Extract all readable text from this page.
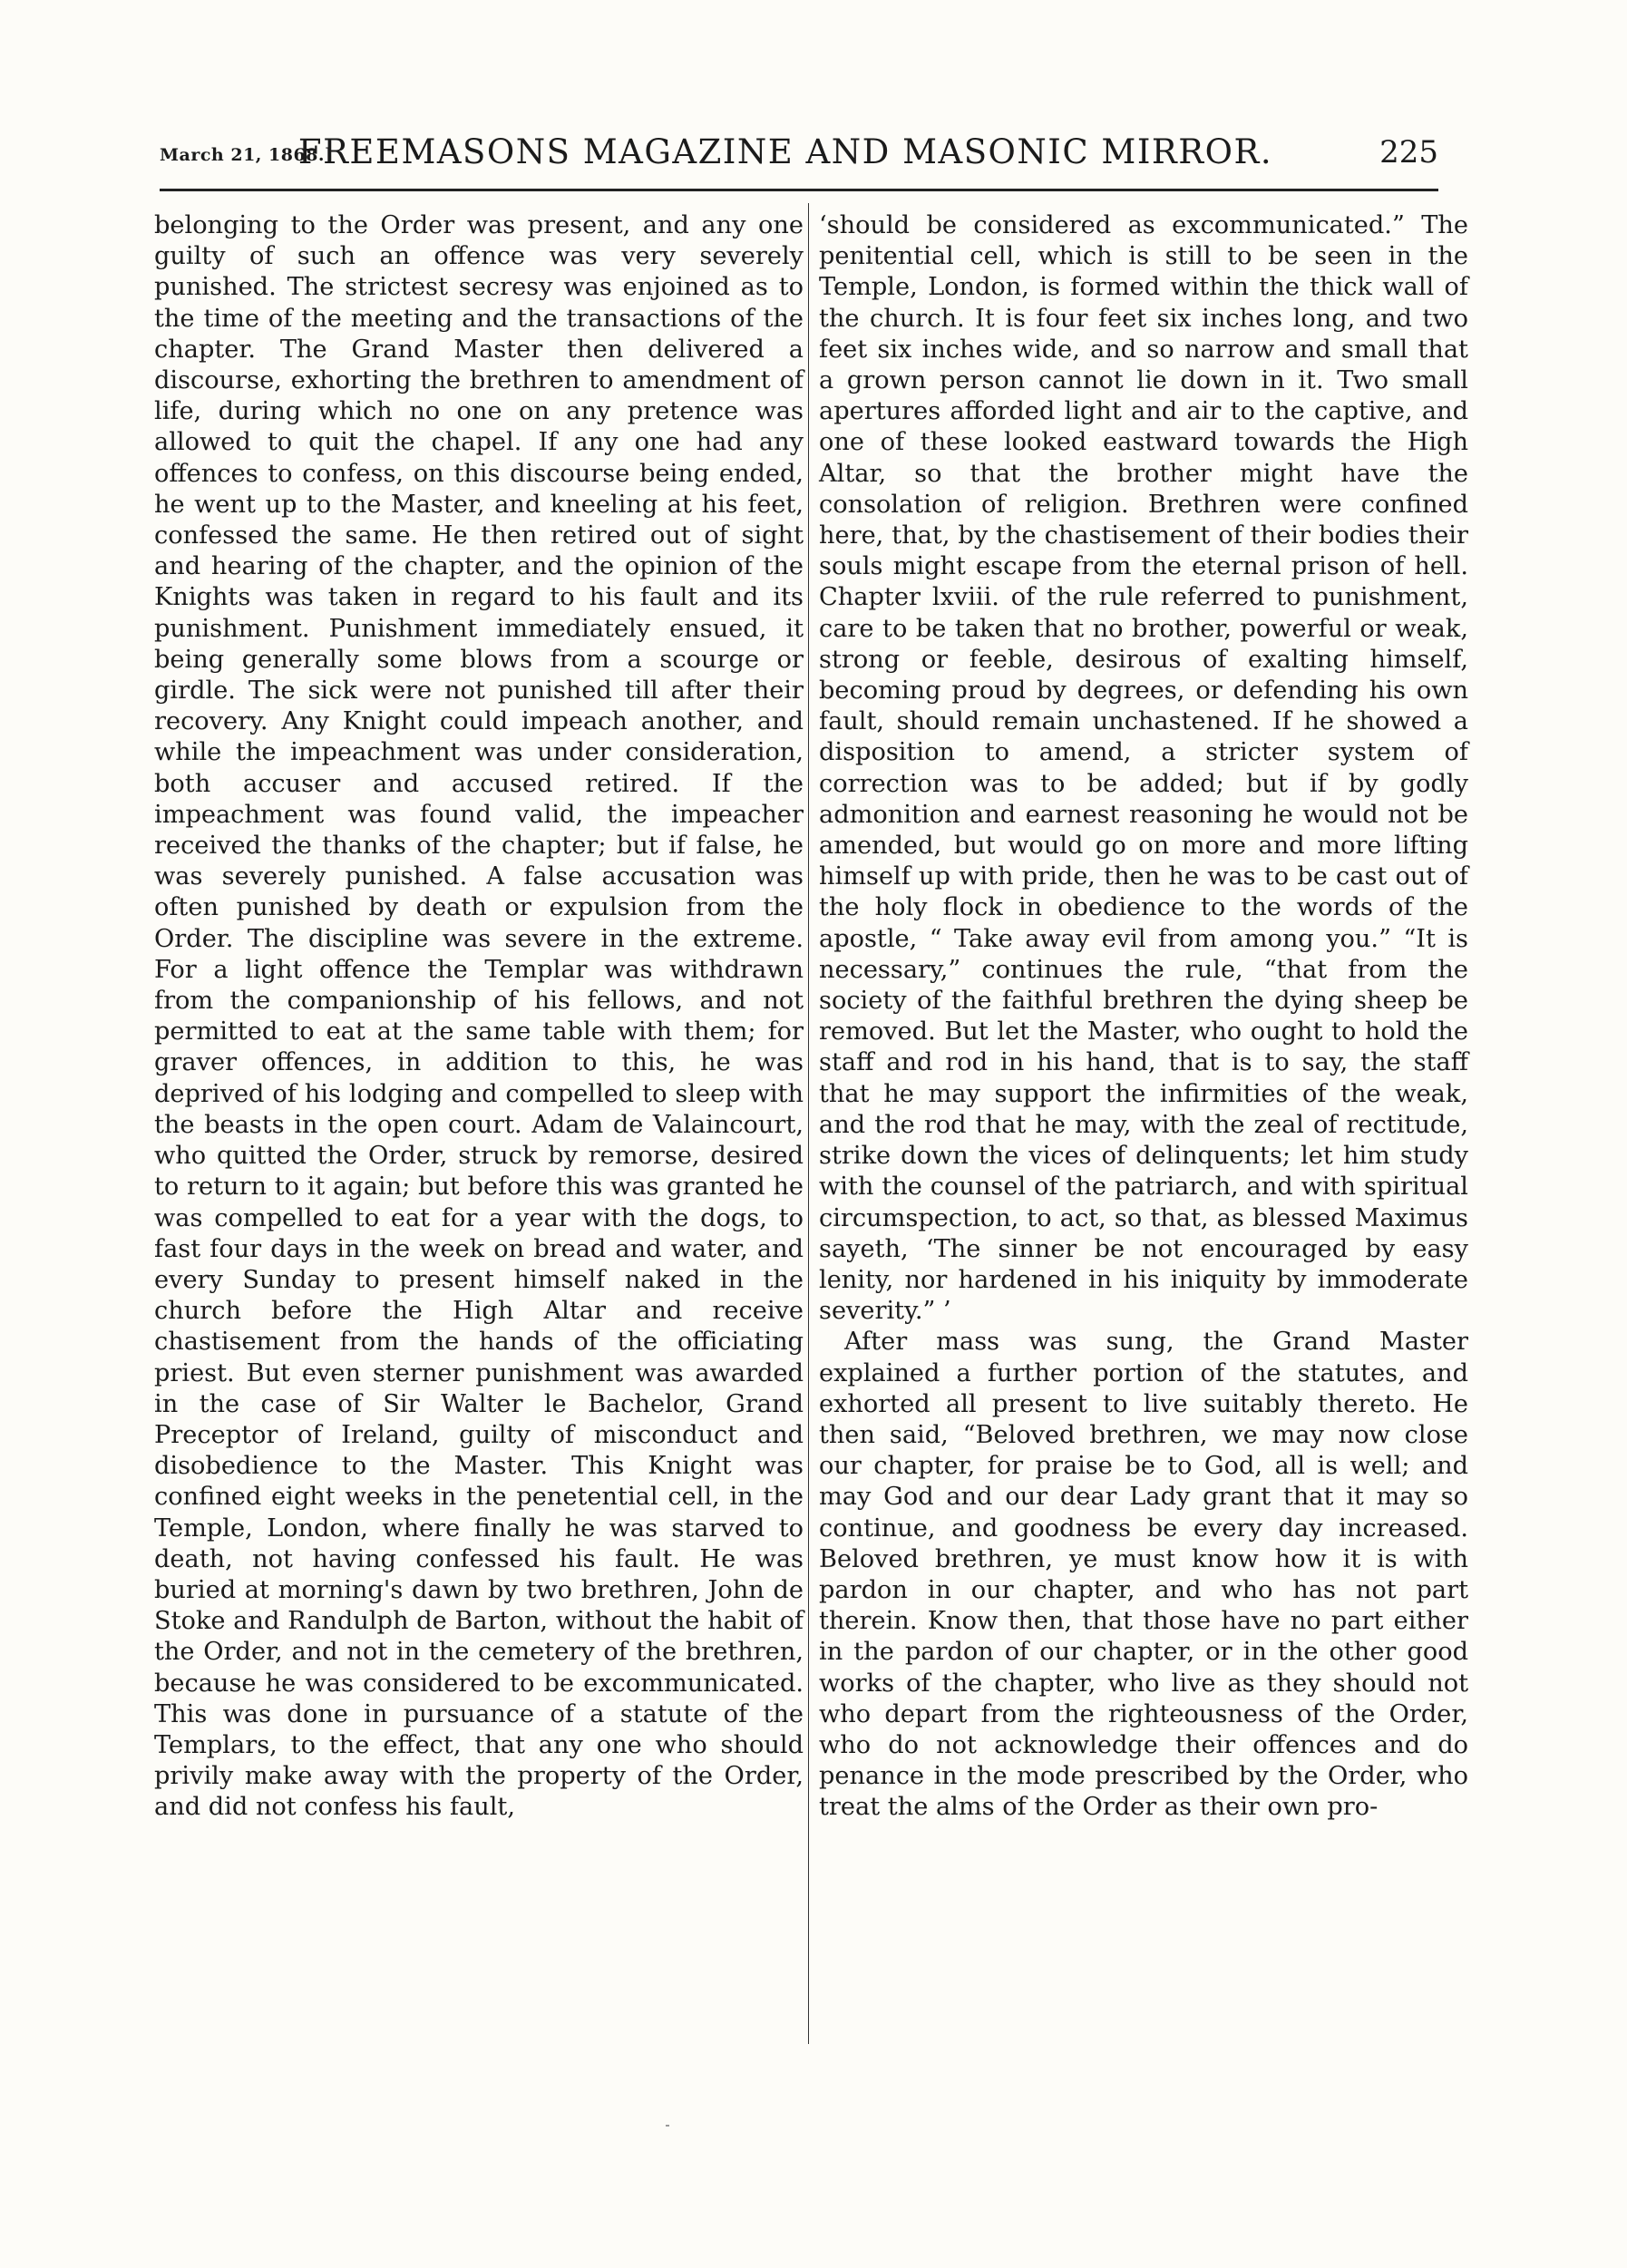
March 21, 1868.]
FREEMASONS MAGAZINE AND MASONIC MIRROR.	225

belonging to the Order was present, and any one guilty of such an offence was very severely punished. The strictest secresy was enjoined as to the time of the meeting and the transactions of the chapter. The Grand Master then delivered a discourse, exhorting the brethren to amendment of life, during which no one on any pretence was allowed to quit the chapel. If any one had any offences to confess, on this discourse being ended, he went up to the Master, and kneeling at his feet, confessed the same. He then retired out of sight and hearing of the chapter, and the opinion of the Knights was taken in regard to his fault and its punishment. Punishment immediately ensued, it being generally some blows from a scourge or girdle. The sick were not punished till after their recovery. Any Knight could impeach another, and while the impeachment was under consideration, both accuser and accused retired. If the impeachment was found valid, the impeacher received the thanks of the chapter; but if false, he was severely punished. A false accusation was often punished by death or expulsion from the Order. The discipline was severe in the extreme. For a light offence the Templar was withdrawn from the companionship of his fellows, and not permitted to eat at the same table with them; for graver offences, in addition to this, he was deprived of his lodging and compelled to sleep with the beasts in the open court. Adam de Valaincourt, who quitted the Order, struck by remorse, desired to return to it again; but before this was granted he was compelled to eat for a year with the dogs, to fast four days in the week on bread and water, and every Sunday to present himself naked in the church before the High Altar and receive chastisement from the hands of the officiating priest. But even sterner punishment was awarded in the case of Sir Walter le Bachelor, Grand Preceptor of Ireland, guilty of misconduct and disobedience to the Master. This Knight was confined eight weeks in the penetential cell, in the Temple, London, where finally he was starved to death, not having confessed his fault. He was buried at morning's dawn by two brethren, John de Stoke and Randulph de Barton, without the habit of the Order, and not in the cemetery of the brethren, because he was considered to be excommunicated. This was done in pursuance of a statute of the Templars, to the effect, that any one who should privily make away with the property of the Order, and did not confess his fault,

‘should be considered as excommunicated.” The penitential cell, which is still to be seen in the Temple, London, is formed within the thick wall of the church. It is four feet six inches long, and two feet six inches wide, and so narrow and small that a grown person cannot lie down in it. Two small apertures afforded light and air to the captive, and one of these looked eastward towards the High Altar, so that the brother might have the consolation of religion. Brethren were confined here, that, by the chastisement of their bodies their souls might escape from the eternal prison of hell. Chapter lxviii. of the rule referred to punishment, care to be taken that no brother, powerful or weak, strong or feeble, desirous of exalting himself, becoming proud by degrees, or defending his own fault, should remain unchastened. If he showed a disposition to amend, a stricter system of correction was to be added; but if by godly admonition and earnest reasoning he would not be amended, but would go on more and more lifting himself up with pride, then he was to be cast out of the holy flock in obedience to the words of the apostle, “ Take away evil from among you.” “It is necessary,” continues the rule, “that from the society of the faithful brethren the dying sheep be removed. But let the Master, who ought to hold the staff and rod in his hand, that is to say, the staff that he may support the infirmities of the weak, and the rod that he may, with the zeal of rectitude, strike down the vices of delinquents; let him study with the counsel of the patriarch, and with spiritual circumspection, to act, so that, as blessed Maximus sayeth, ‘The sinner be not encouraged by easy lenity, nor hardened in his iniquity by immoderate severity.” ’

After mass was sung, the Grand Master explained a further portion of the statutes, and exhorted all present to live suitably thereto. He then said, “Beloved brethren, we may now close our chapter, for praise be to God, all is well; and may God and our dear Lady grant that it may so continue, and goodness be every day increased. Beloved brethren, ye must know how it is with pardon in our chapter, and who has not part therein. Know then, that those have no part either in the pardon of our chapter, or in the other good works of the chapter, who live as they should not who depart from the righteousness of the Order, who do not acknowledge their offences and do penance in the mode prescribed by the Order, who treat the alms of the Order as their own pro-
